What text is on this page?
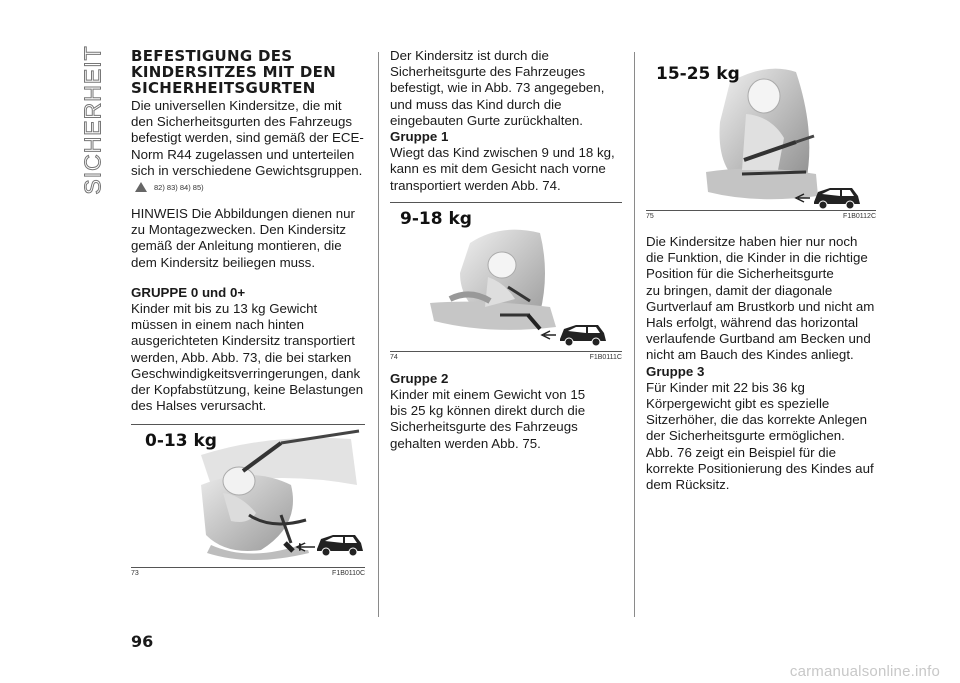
SICHERHEIT BEFESTIGUNG DES
KINDERSITZES MIT DEN
SICHERHEITSGURTEN
Die universellen Kindersitze, die mit
den Sicherheitsgurten des Fahrzeugs
befestigt werden, sind gemäß der ECE-
Norm R44 zugelassen und unterteilen
sich in verschiedene Gewichtsgruppen.
82) 83) 84) 85)
HINWEIS Die Abbildungen dienen nur
zu Montagezwecken. Den Kindersitz
gemäß der Anleitung montieren, die
dem Kindersitz beiliegen muss.
GRUPPE 0 und 0+
Kinder mit bis zu 13 kg Gewicht
müssen in einem nach hinten
ausgerichteten Kindersitz transportiert
werden, Abb. Abb. 73, die bei starken
Geschwindigkeitsverringerungen, dank
der Kopfabstützung, keine Belastungen
des Halses verursacht.
0-13 kg
73	F1B0110C
Der Kindersitz ist durch die
Sicherheitsgurte des Fahrzeuges
befestigt, wie in Abb. 73 angegeben,
und muss das Kind durch die
eingebauten Gurte zurückhalten.
Gruppe 1
Wiegt das Kind zwischen 9 und 18 kg,
kann es mit dem Gesicht nach vorne
transportiert werden Abb. 74.
9-18 kg
74	F1B0111C
Gruppe 2
Kinder mit einem Gewicht von 15
bis 25 kg können direkt durch die
Sicherheitsgurte des Fahrzeugs
gehalten werden Abb. 75.
15-25 kg
75	F1B0112C
Die Kindersitze haben hier nur noch
die Funktion, die Kinder in die richtige
Position für die Sicherheitsgurte
zu bringen, damit der diagonale
Gurtverlauf am Brustkorb und nicht am
Hals erfolgt, während das horizontal
verlaufende Gurtband am Becken und
nicht am Bauch des Kindes anliegt.
Gruppe 3
Für Kinder mit 22 bis 36 kg
Körpergewicht gibt es spezielle
Sitzerhöher, die das korrekte Anlegen
der Sicherheitsgurte ermöglichen.
Abb. 76 zeigt ein Beispiel für die
korrekte Positionierung des Kindes auf
dem Rücksitz.
96
carmanualsonline.info
